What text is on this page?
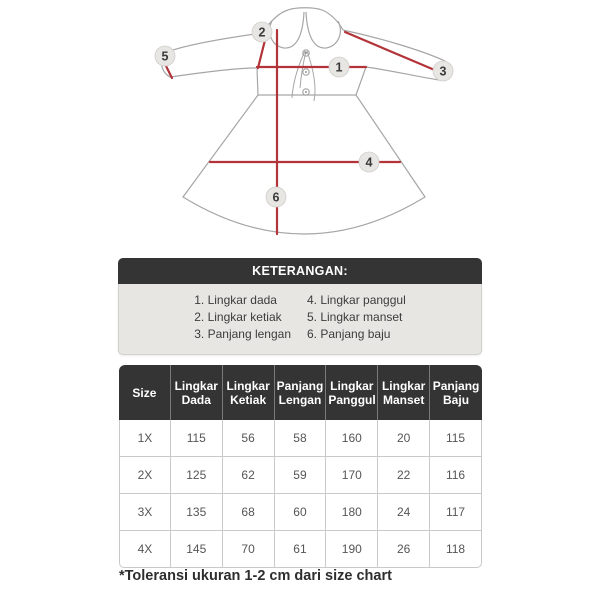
1
2
3
4
5
6
KETERANGAN:
1. Lingkar dada
2. Lingkar ketiak
3. Panjang lengan
4. Lingkar panggul
5. Lingkar manset
6. Panjang baju
Size	Lingkar Dada	Lingkar Ketiak	Panjang Lengan	Lingkar Panggul	Lingkar Manset	Panjang Baju
1X	115	56	58	160	20	115
2X	125	62	59	170	22	116
3X	135	68	60	180	24	117
4X	145	70	61	190	26	118
*Toleransi ukuran 1-2 cm dari size chart
